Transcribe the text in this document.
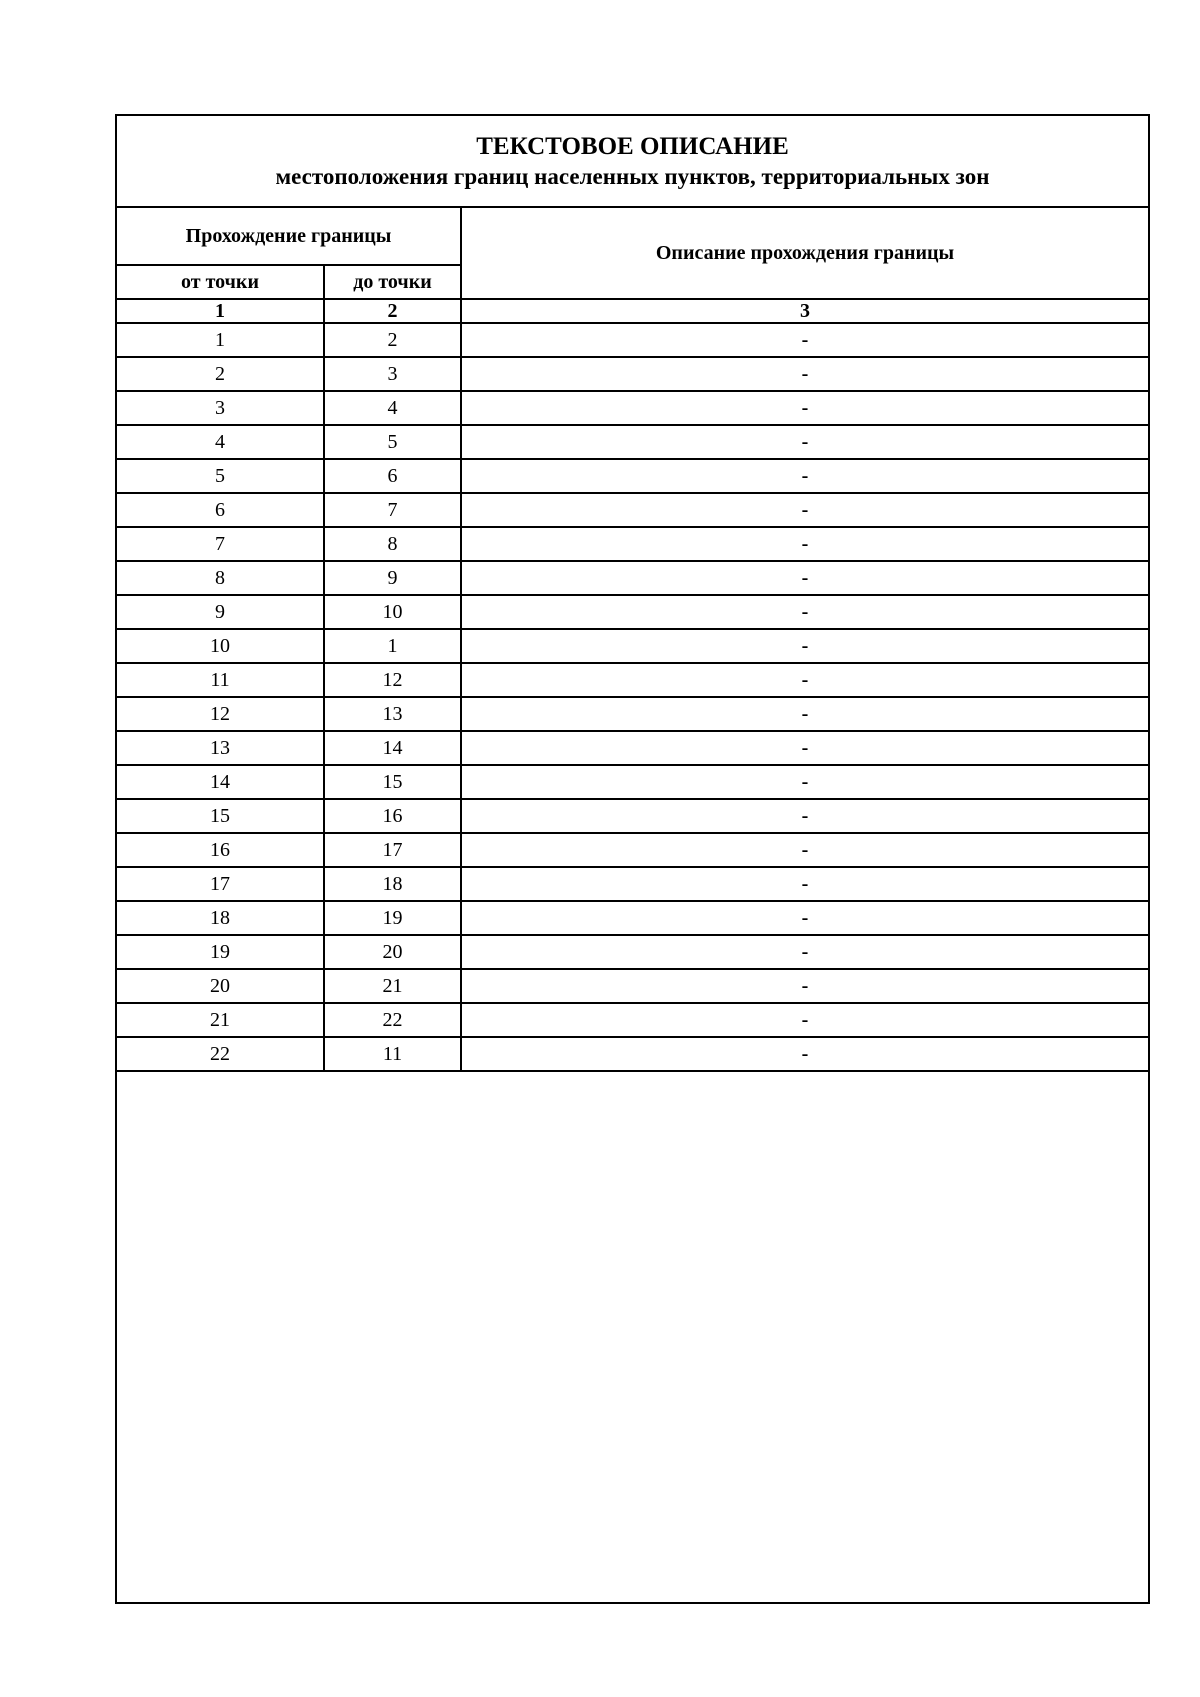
ТЕКСТОВОЕ ОПИСАНИЕ
местоположения границ населенных пунктов, территориальных зон
Прохождение границы		Описание прохождения границы
от точки	до точки	
1	2	3
1	2	-
2	3	-
3	4	-
4	5	-
5	6	-
6	7	-
7	8	-
8	9	-
9	10	-
10	1	-
11	12	-
12	13	-
13	14	-
14	15	-
15	16	-
16	17	-
17	18	-
18	19	-
19	20	-
20	21	-
21	22	-
22	11	-
